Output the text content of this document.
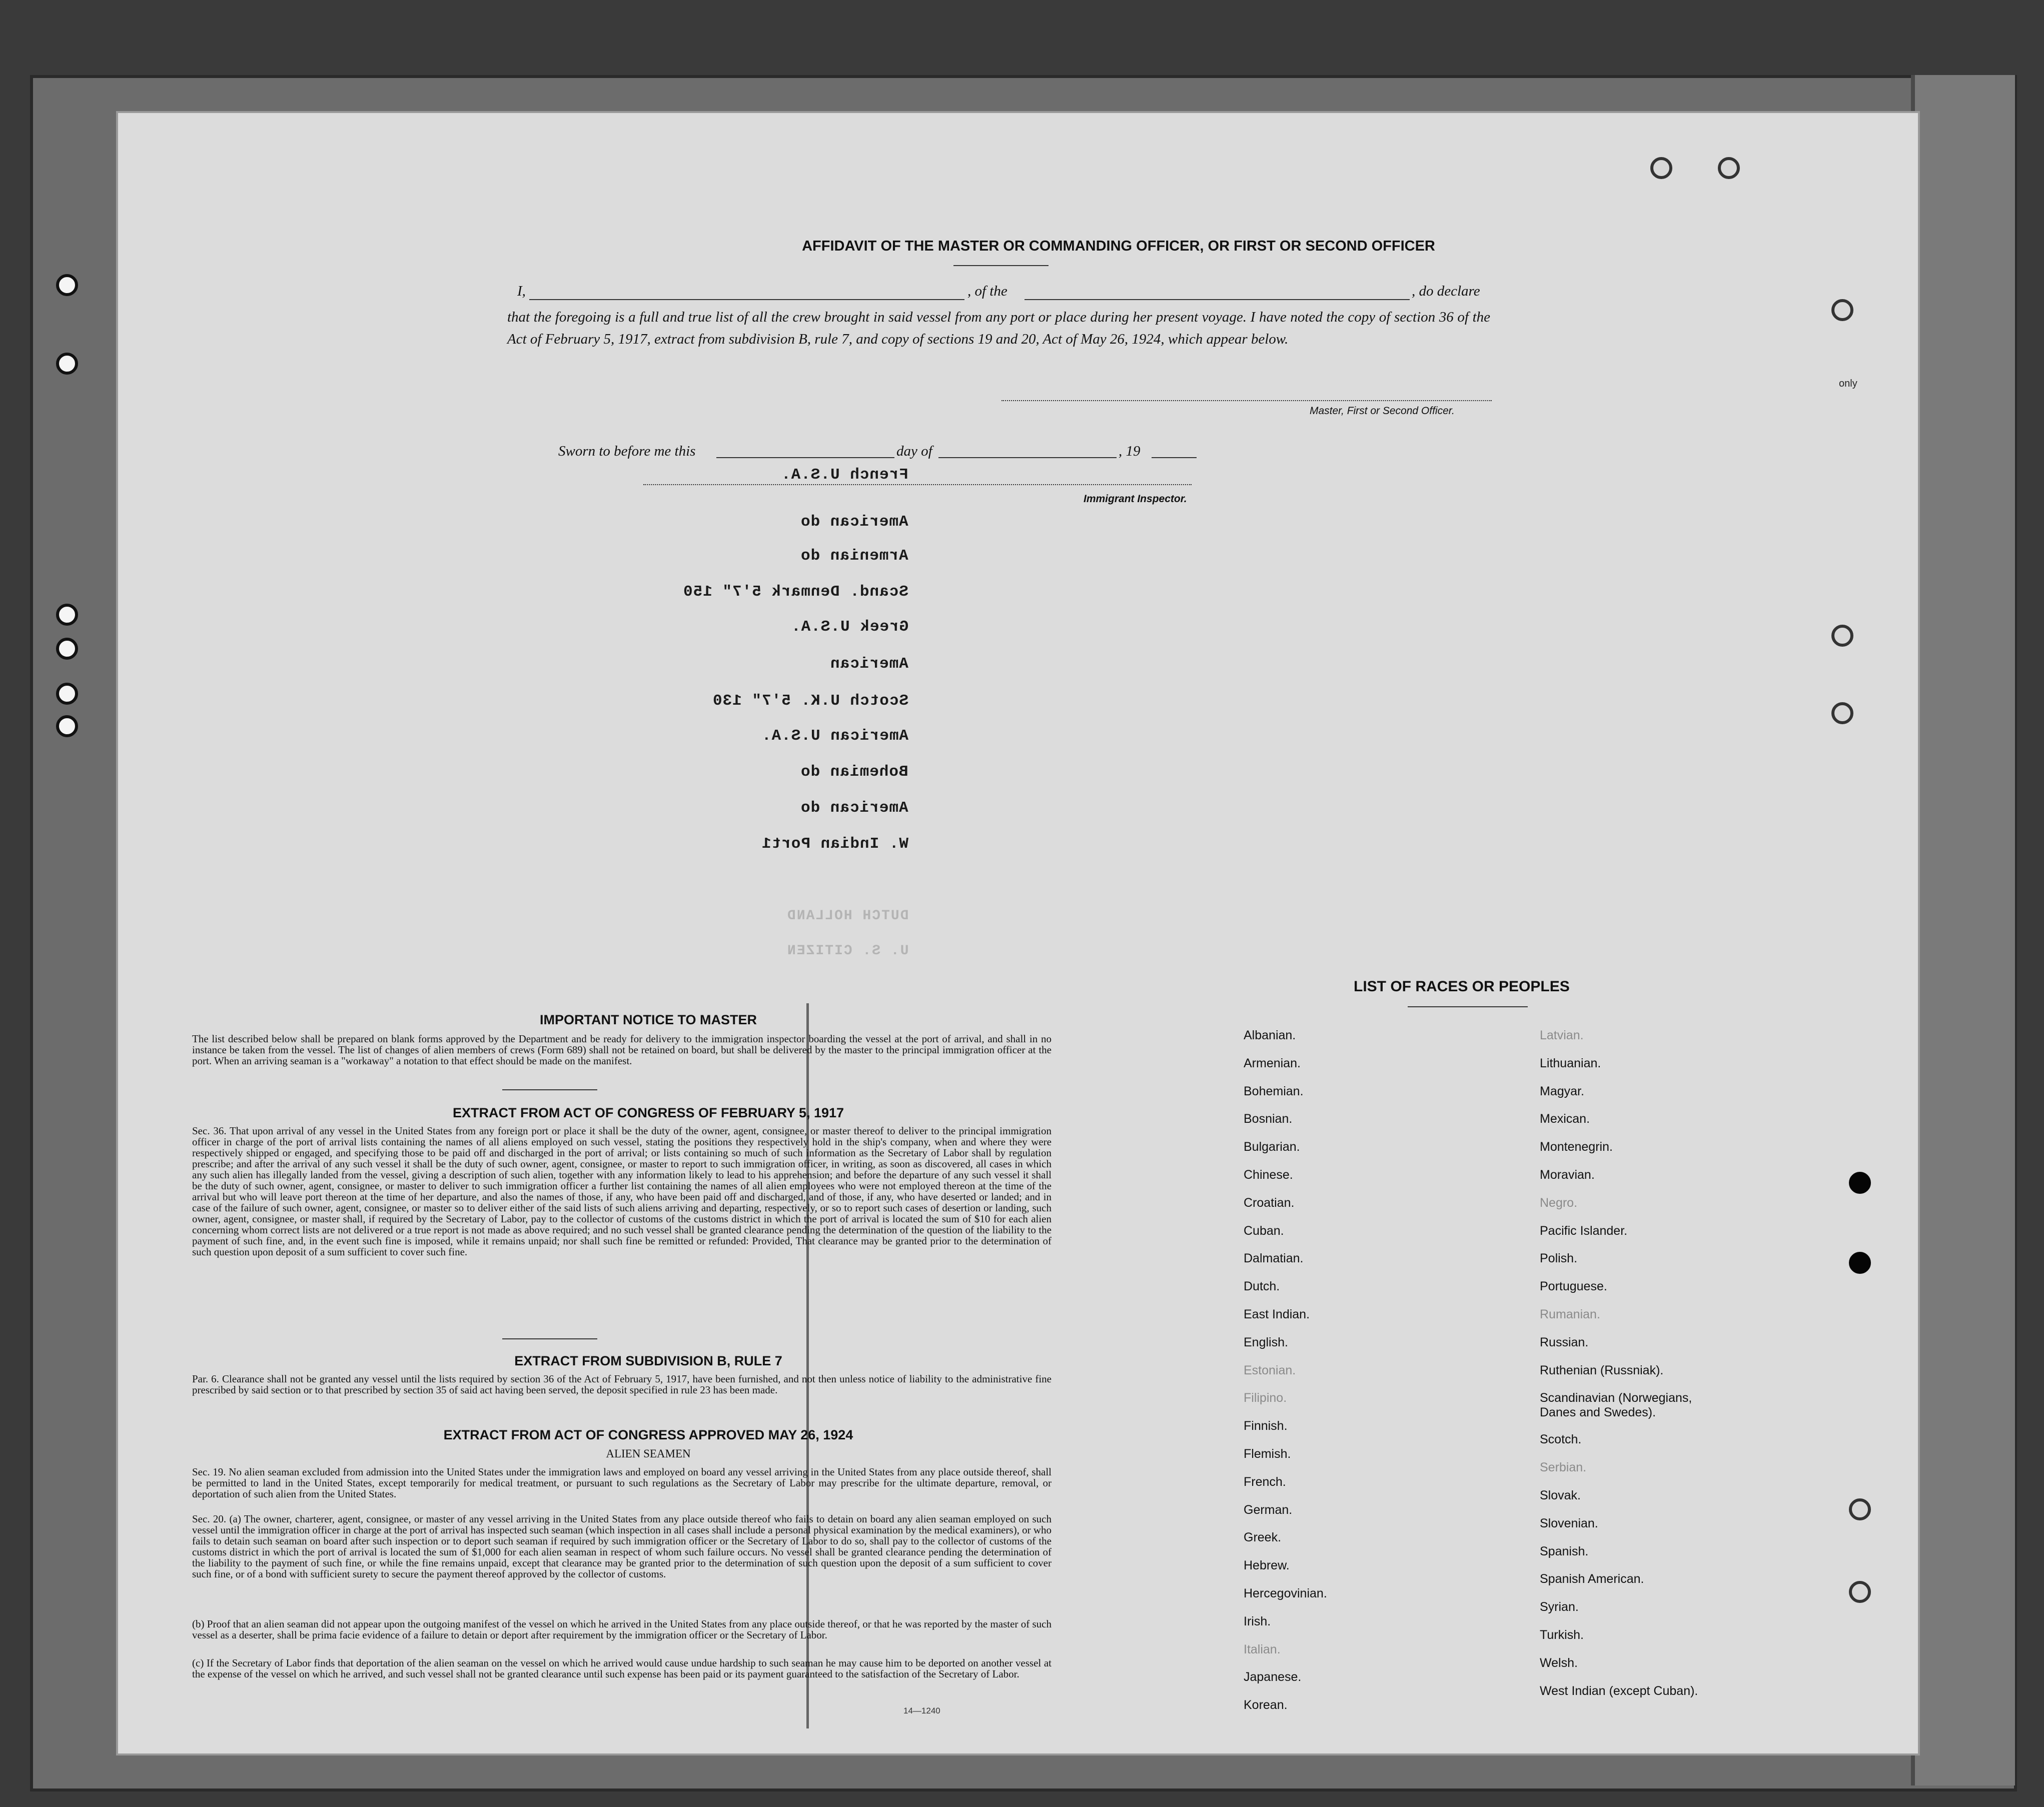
only
AFFIDAVIT OF THE MASTER OR COMMANDING OFFICER, OR FIRST OR SECOND OFFICER
I,	, of the	, do declare
that the foregoing is a full and true list of all the crew brought in said vessel from any port or place during her present voyage. I have noted the copy of section 36 of the Act of February 5, 1917, extract from subdivision B, rule 7, and copy of sections 19 and 20, Act of May 26, 1924, which appear below.
Master, First or Second Officer.
Sworn to before me this	day of	, 19
Immigrant Inspector.
French U.S.A.
American do
Armenian do
Scand. Denmark 5'7" 150
Greek U.S.A.
American
Scotch U.K. 5'7" 130
American U.S.A.
Bohemian do
American do
W. Indian Port1
DUTCH HOLLAND
U. S. CITIZEN
IMPORTANT NOTICE TO MASTER
The list described below shall be prepared on blank forms approved by the Department and be ready for delivery to the immigration inspector boarding the vessel at the port of arrival, and shall in no instance be taken from the vessel. The list of changes of alien members of crews (Form 689) shall not be retained on board, but shall be delivered by the master to the principal immigration officer at the port. When an arriving seaman is a "workaway" a notation to that effect should be made on the manifest.
EXTRACT FROM ACT OF CONGRESS OF FEBRUARY 5, 1917
Sec. 36. That upon arrival of any vessel in the United States from any foreign port or place it shall be the duty of the owner, agent, consignee, or master thereof to deliver to the principal immigration officer in charge of the port of arrival lists containing the names of all aliens employed on such vessel, stating the positions they respectively hold in the ship's company, when and where they were respectively shipped or engaged, and specifying those to be paid off and discharged in the port of arrival; or lists containing so much of such information as the Secretary of Labor shall by regulation prescribe; and after the arrival of any such vessel it shall be the duty of such owner, agent, consignee, or master to report to such immigration officer, in writing, as soon as discovered, all cases in which any such alien has illegally landed from the vessel, giving a description of such alien, together with any information likely to lead to his apprehension; and before the departure of any such vessel it shall be the duty of such owner, agent, consignee, or master to deliver to such immigration officer a further list containing the names of all alien employees who were not employed thereon at the time of the arrival but who will leave port thereon at the time of her departure, and also the names of those, if any, who have been paid off and discharged, and of those, if any, who have deserted or landed; and in case of the failure of such owner, agent, consignee, or master so to deliver either of the said lists of such aliens arriving and departing, respectively, or so to report such cases of desertion or landing, such owner, agent, consignee, or master shall, if required by the Secretary of Labor, pay to the collector of customs of the customs district in which the port of arrival is located the sum of $10 for each alien concerning whom correct lists are not delivered or a true report is not made as above required; and no such vessel shall be granted clearance pending the determination of the question of the liability to the payment of such fine, and, in the event such fine is imposed, while it remains unpaid; nor shall such fine be remitted or refunded: Provided, That clearance may be granted prior to the determination of such question upon deposit of a sum sufficient to cover such fine.
EXTRACT FROM SUBDIVISION B, RULE 7
Par. 6. Clearance shall not be granted any vessel until the lists required by section 36 of the Act of February 5, 1917, have been furnished, and not then unless notice of liability to the administrative fine prescribed by said section or to that prescribed by section 35 of said act having been served, the deposit specified in rule 23 has been made.
EXTRACT FROM ACT OF CONGRESS APPROVED MAY 26, 1924
ALIEN SEAMEN
Sec. 19. No alien seaman excluded from admission into the United States under the immigration laws and employed on board any vessel arriving in the United States from any place outside thereof, shall be permitted to land in the United States, except temporarily for medical treatment, or pursuant to such regulations as the Secretary of Labor may prescribe for the ultimate departure, removal, or deportation of such alien from the United States.
Sec. 20. (a) The owner, charterer, agent, consignee, or master of any vessel arriving in the United States from any place outside thereof who fails to detain on board any alien seaman employed on such vessel until the immigration officer in charge at the port of arrival has inspected such seaman (which inspection in all cases shall include a personal physical examination by the medical examiners), or who fails to detain such seaman on board after such inspection or to deport such seaman if required by such immigration officer or the Secretary of Labor to do so, shall pay to the collector of customs of the customs district in which the port of arrival is located the sum of $1,000 for each alien seaman in respect of whom such failure occurs. No vessel shall be granted clearance pending the determination of the liability to the payment of such fine, or while the fine remains unpaid, except that clearance may be granted prior to the determination of such question upon the deposit of a sum sufficient to cover such fine, or of a bond with sufficient surety to secure the payment thereof approved by the collector of customs.
(b) Proof that an alien seaman did not appear upon the outgoing manifest of the vessel on which he arrived in the United States from any place outside thereof, or that he was reported by the master of such vessel as a deserter, shall be prima facie evidence of a failure to detain or deport after requirement by the immigration officer or the Secretary of Labor.
(c) If the Secretary of Labor finds that deportation of the alien seaman on the vessel on which he arrived would cause undue hardship to such seaman he may cause him to be deported on another vessel at the expense of the vessel on which he arrived, and such vessel shall not be granted clearance until such expense has been paid or its payment guaranteed to the satisfaction of the Secretary of Labor.
14—1240
LIST OF RACES OR PEOPLES
Albanian.
Armenian.
Bohemian.
Bosnian.
Bulgarian.
Chinese.
Croatian.
Cuban.
Dalmatian.
Dutch.
East Indian.
English.
Estonian.
Filipino.
Finnish.
Flemish.
French.
German.
Greek.
Hebrew.
Hercegovinian.
Irish.
Italian.
Japanese.
Korean.
Latvian.
Lithuanian.
Magyar.
Mexican.
Montenegrin.
Moravian.
Negro.
Pacific Islander.
Polish.
Portuguese.
Rumanian.
Russian.
Ruthenian (Russniak).
Scandinavian (Norwegians, Danes and Swedes).
Scotch.
Serbian.
Slovak.
Slovenian.
Spanish.
Spanish American.
Syrian.
Turkish.
Welsh.
West Indian (except Cuban).
